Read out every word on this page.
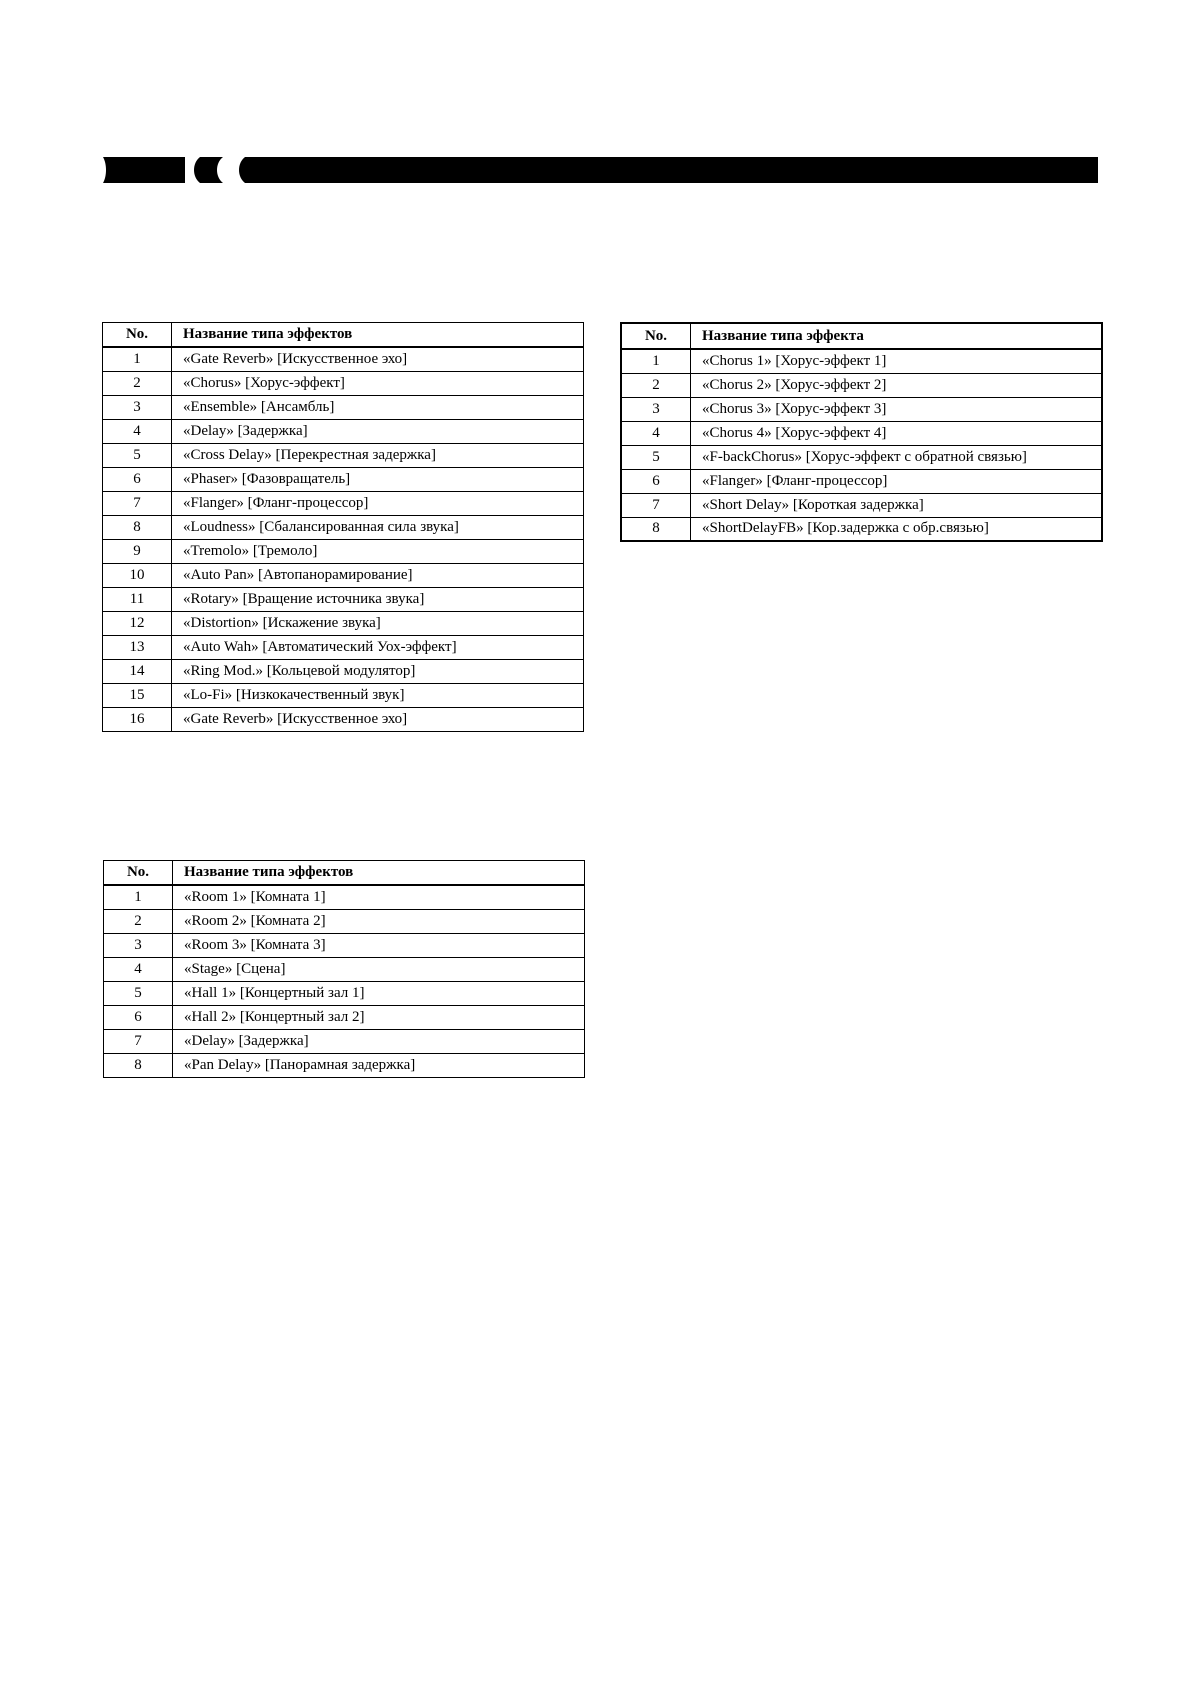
No.	Название типа эффектов
1	«Gate Reverb» [Искусственное эхо]
2	«Chorus» [Хорус-эффект]
3	«Ensemble» [Ансамбль]
4	«Delay» [Задержка]
5	«Cross Delay» [Перекрестная задержка]
6	«Phaser» [Фазовращатель]
7	«Flanger» [Фланг-процессор]
8	«Loudness» [Сбалансированная сила звука]
9	«Tremolo» [Тремоло]
10	«Auto Pan» [Автопанорамирование]
11	«Rotary» [Вращение источника звука]
12	«Distortion» [Искажение звука]
13	«Auto Wah» [Автоматический Уох-эффект]
14	«Ring Mod.» [Кольцевой модулятор]
15	«Lo-Fi» [Низкокачественный звук]
16	«Gate Reverb» [Искусственное эхо]
No.	Название типа эффекта
1	«Chorus 1» [Хорус-эффект 1]
2	«Chorus 2» [Хорус-эффект 2]
3	«Chorus 3» [Хорус-эффект 3]
4	«Chorus 4» [Хорус-эффект 4]
5	«F-backChorus» [Хорус-эффект с обратной связью]
6	«Flanger» [Фланг-процессор]
7	«Short Delay» [Короткая задержка]
8	«ShortDelayFB» [Кор.задержка с обр.связью]
No.	Название типа эффектов
1	«Room 1» [Комната 1]
2	«Room 2» [Комната 2]
3	«Room 3» [Комната 3]
4	«Stage» [Сцена]
5	«Hall 1» [Концертный зал 1]
6	«Hall 2» [Концертный зал 2]
7	«Delay» [Задержка]
8	«Pan Delay» [Панорамная задержка]
